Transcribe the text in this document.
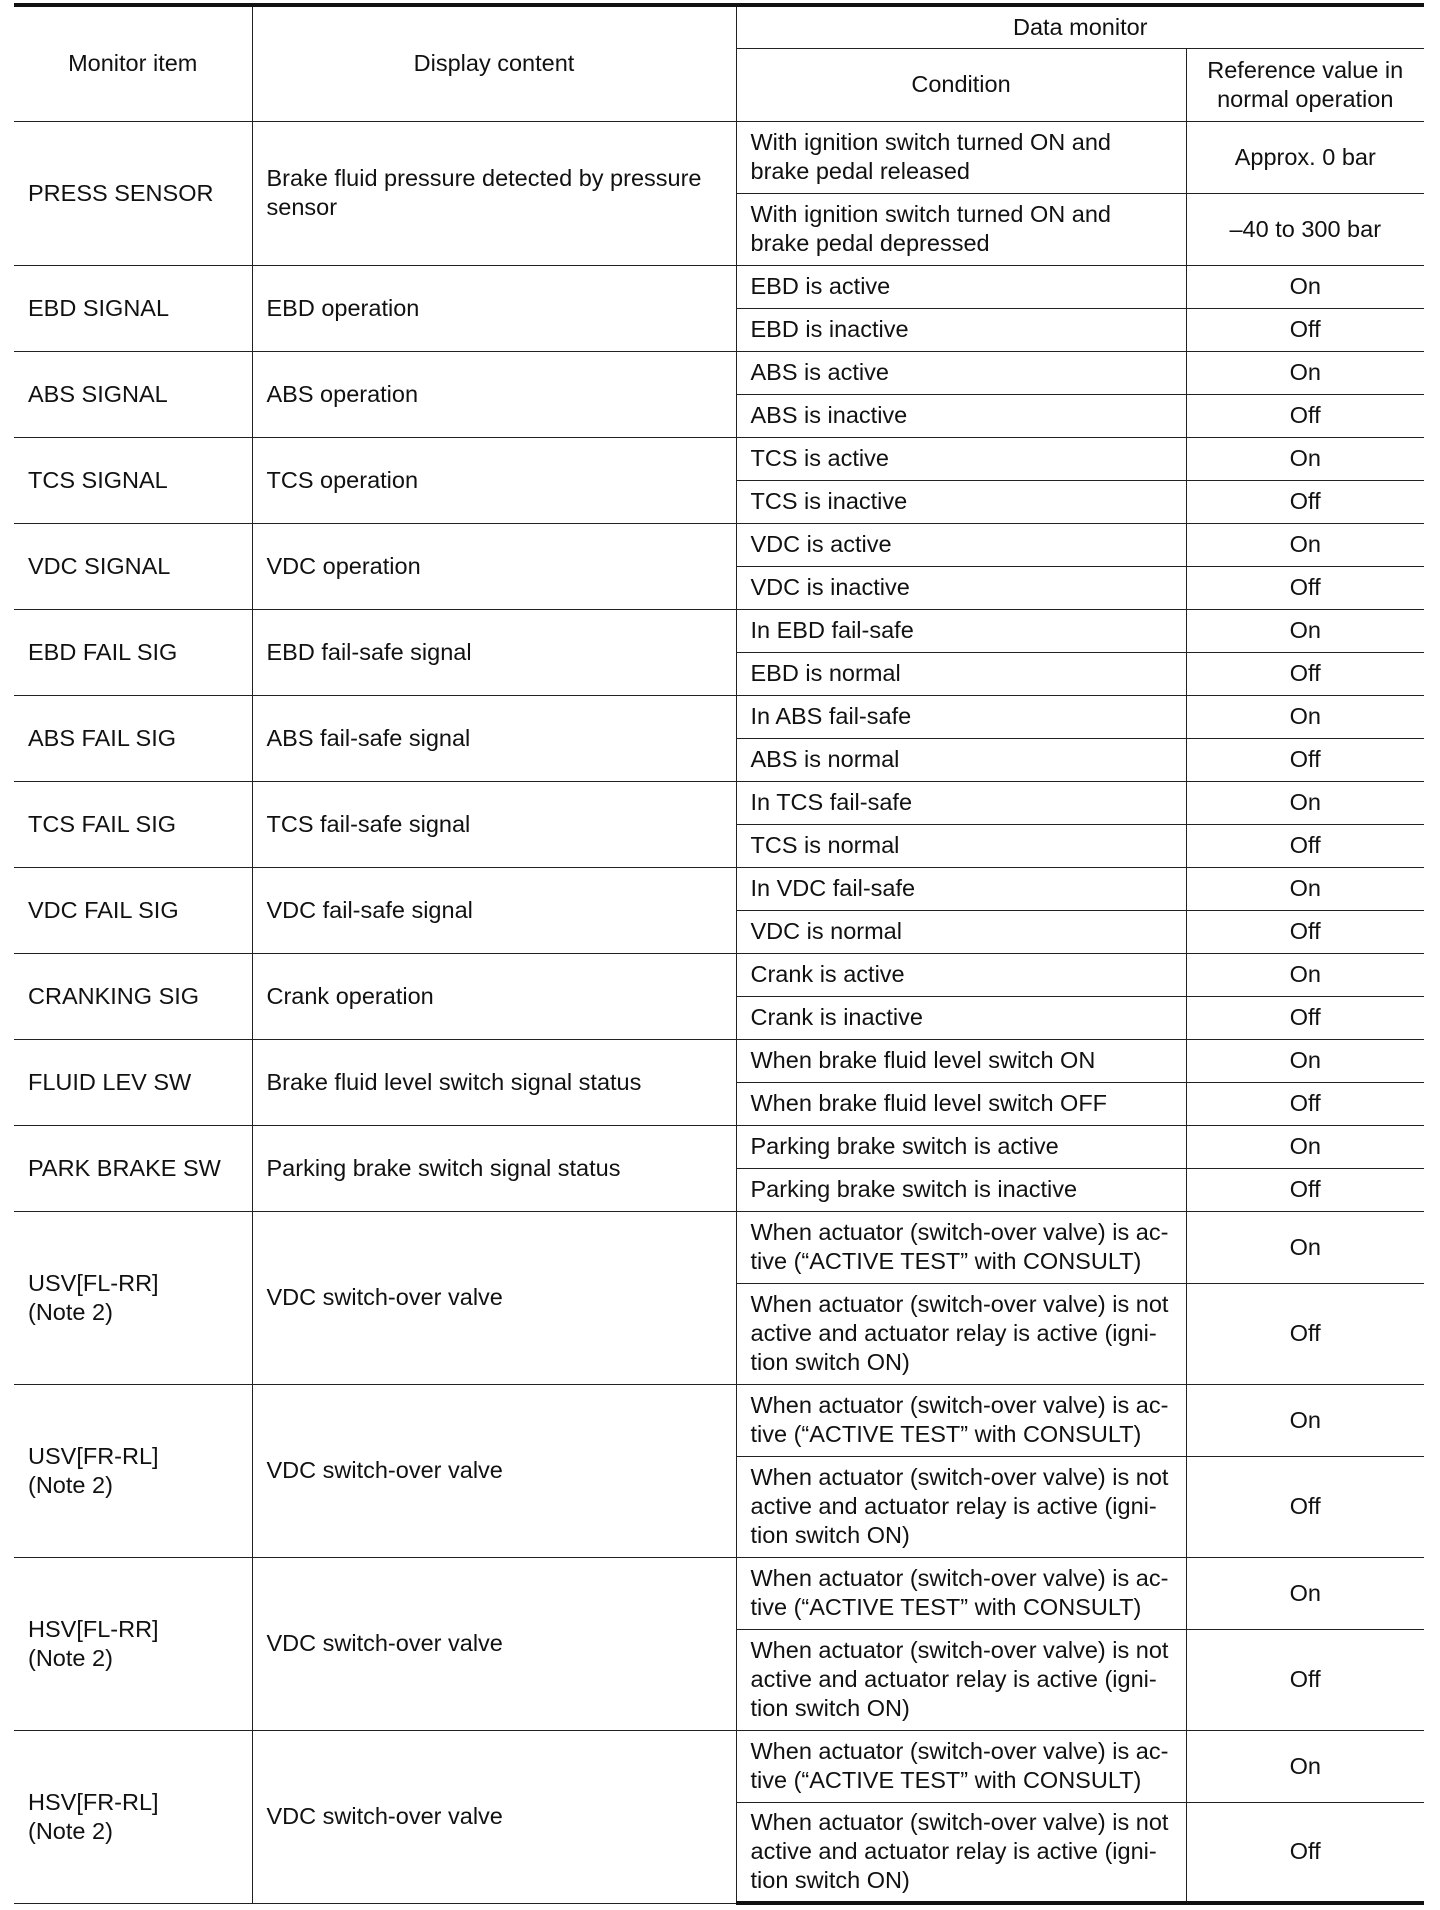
Monitor item	Display content	Data monitor	
		Condition	Reference value in normal operation
PRESS SENSOR	Brake fluid pressure detected by pressure sensor	With ignition switch turned ON and brake pedal released	Approx. 0 bar
		With ignition switch turned ON and brake pedal depressed	–40 to 300 bar
EBD SIGNAL	EBD operation	EBD is active	On
		EBD is inactive	Off
ABS SIGNAL	ABS operation	ABS is active	On
		ABS is inactive	Off
TCS SIGNAL	TCS operation	TCS is active	On
		TCS is inactive	Off
VDC SIGNAL	VDC operation	VDC is active	On
		VDC is inactive	Off
EBD FAIL SIG	EBD fail-safe signal	In EBD fail-safe	On
		EBD is normal	Off
ABS FAIL SIG	ABS fail-safe signal	In ABS fail-safe	On
		ABS is normal	Off
TCS FAIL SIG	TCS fail-safe signal	In TCS fail-safe	On
		TCS is normal	Off
VDC FAIL SIG	VDC fail-safe signal	In VDC fail-safe	On
		VDC is normal	Off
CRANKING SIG	Crank operation	Crank is active	On
		Crank is inactive	Off
FLUID LEV SW	Brake fluid level switch signal status	When brake fluid level switch ON	On
		When brake fluid level switch OFF	Off
PARK BRAKE SW	Parking brake switch signal status	Parking brake switch is active	On
		Parking brake switch is inactive	Off
USV[FL-RR]
(Note 2)	VDC switch-over valve	When actuator (switch-over valve) is ac-tive (“ACTIVE TEST” with CONSULT)	On
		When actuator (switch-over valve) is not active and actuator relay is active (igni-tion switch ON)	Off
USV[FR-RL]
(Note 2)	VDC switch-over valve	When actuator (switch-over valve) is ac-tive (“ACTIVE TEST” with CONSULT)	On
		When actuator (switch-over valve) is not active and actuator relay is active (igni-tion switch ON)	Off
HSV[FL-RR]
(Note 2)	VDC switch-over valve	When actuator (switch-over valve) is ac-tive (“ACTIVE TEST” with CONSULT)	On
		When actuator (switch-over valve) is not active and actuator relay is active (igni-tion switch ON)	Off
HSV[FR-RL]
(Note 2)	VDC switch-over valve	When actuator (switch-over valve) is ac-tive (“ACTIVE TEST” with CONSULT)	On
		When actuator (switch-over valve) is not active and actuator relay is active (igni-tion switch ON)	Off
